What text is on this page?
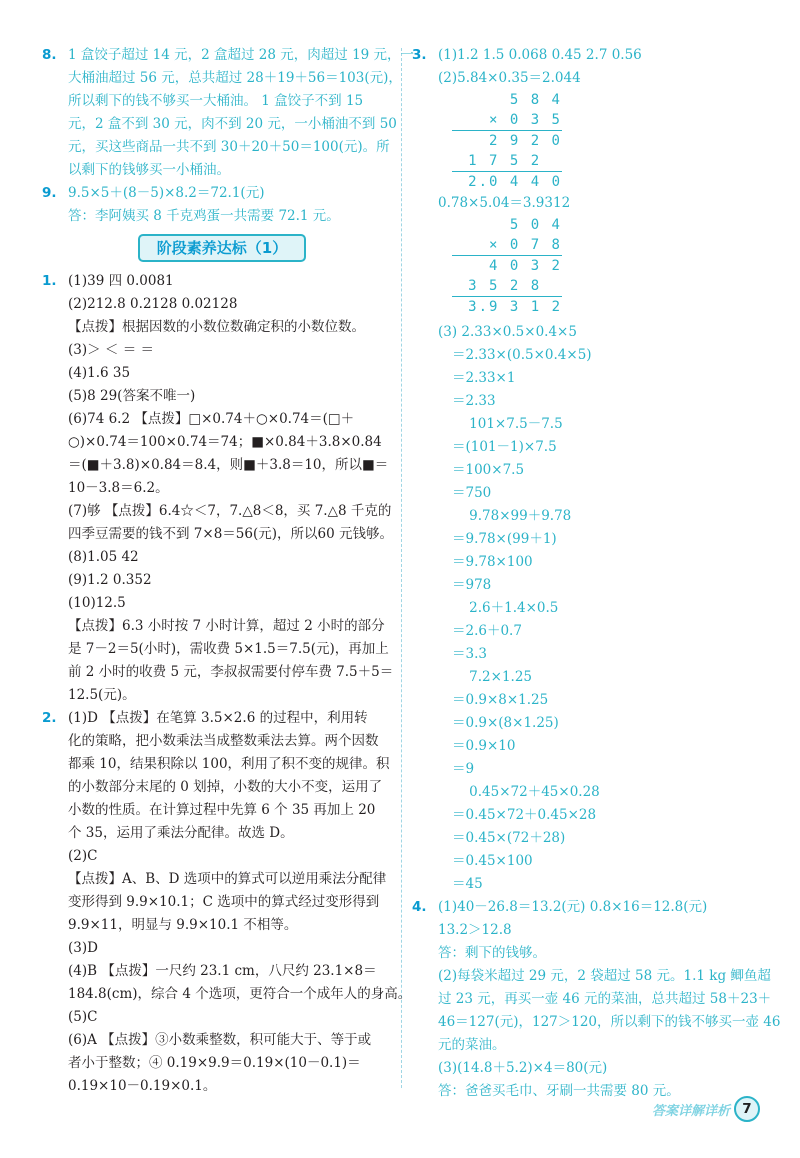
8. 1 盒饺子超过 14 元，2 盒超过 28 元，肉超过 19 元，一
大桶油超过 56 元，总共超过 28＋19＋56＝103(元)，
所以剩下的钱不够买一大桶油。 1 盒饺子不到 15
元，2 盒不到 30 元，肉不到 20 元，一小桶油不到 50
元，买这些商品一共不到 30＋20＋50＝100(元)。所
以剩下的钱够买一小桶油。
9. 9.5×5＋(8－5)×8.2＝72.1(元)
答：李阿姨买 8 千克鸡蛋一共需要 72.1 元。
阶段素养达标（1）
1. (1)39 四 0.0081
(2)212.8 0.2128 0.02128
【点拨】根据因数的小数位数确定积的小数位数。
(3)＞ ＜ ＝ ＝
(4)1.6 35
(5)8 29(答案不唯一)
(6)74 6.2 【点拨】□×0.74＋○×0.74＝(□＋
○)×0.74＝100×0.74＝74；■×0.84＋3.8×0.84
＝(■＋3.8)×0.84＝8.4，则■＋3.8＝10，所以■＝
10－3.8＝6.2。
(7)够 【点拨】6.4☆＜7，7.△8＜8，买 7.△8 千克的
四季豆需要的钱不到 7×8＝56(元)，所以60 元钱够。
(8)1.05 42
(9)1.2 0.352
(10)12.5
【点拨】6.3 小时按 7 小时计算，超过 2 小时的部分
是 7－2＝5(小时)，需收费 5×1.5＝7.5(元)，再加上
前 2 小时的收费 5 元，李叔叔需要付停车费 7.5＋5＝
12.5(元)。
2. (1)D 【点拨】在笔算 3.5×2.6 的过程中，利用转
化的策略，把小数乘法当成整数乘法去算。两个因数
都乘 10，结果积除以 100，利用了积不变的规律。积
的小数部分末尾的 0 划掉，小数的大小不变，运用了
小数的性质。在计算过程中先算 6 个 35 再加上 20
个 35，运用了乘法分配律。故选 D。
(2)C
【点拨】A、B、D 选项中的算式可以逆用乘法分配律
变形得到 9.9×10.1；C 选项中的算式经过变形得到
9.9×11，明显与 9.9×10.1 不相等。
(3)D
(4)B 【点拨】一尺约 23.1 cm，八尺约 23.1×8＝
184.8(cm)，综合 4 个选项，更符合一个成年人的身高。
(5)C
(6)A 【点拨】③小数乘整数，积可能大于、等于或
者小于整数；④ 0.19×9.9＝0.19×(10－0.1)＝
0.19×10－0.19×0.1。
3. (1)1.2 1.5 0.068 0.45 2.7 0.56
(2)5.84×0.35＝2.044
5 8 4
× 0 3 5
2 9 2 0
1 7 5 2
2.0 4 4 0
0.78×5.04＝3.9312
5 0 4
× 0 7 8
4 0 3 2
3 5 2 8
3.9 3 1 2
(3) 2.33×0.5×0.4×5
＝2.33×(0.5×0.4×5)
＝2.33×1
＝2.33
101×7.5－7.5
＝(101－1)×7.5
＝100×7.5
＝750
9.78×99＋9.78
＝9.78×(99＋1)
＝9.78×100
＝978
2.6＋1.4×0.5
＝2.6＋0.7
＝3.3
7.2×1.25
＝0.9×8×1.25
＝0.9×(8×1.25)
＝0.9×10
＝9
0.45×72＋45×0.28
＝0.45×72＋0.45×28
＝0.45×(72＋28)
＝0.45×100
＝45
4. (1)40－26.8＝13.2(元) 0.8×16＝12.8(元)
13.2＞12.8
答：剩下的钱够。
(2)每袋米超过 29 元，2 袋超过 58 元。1.1 kg 鲫鱼超
过 23 元，再买一壶 46 元的菜油，总共超过 58＋23＋
46＝127(元)，127＞120，所以剩下的钱不够买一壶 46
元的菜油。
(3)(14.8＋5.2)×4＝80(元)
答：爸爸买毛巾、牙刷一共需要 80 元。
答案详解详析 7
